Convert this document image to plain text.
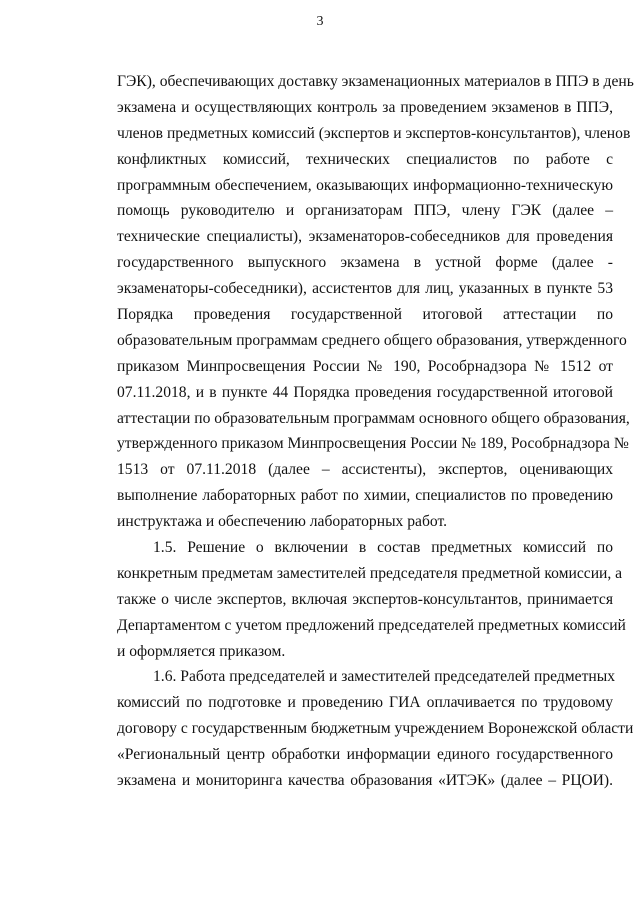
3
ГЭК), обеспечивающих доставку экзаменационных материалов в ППЭ в день
экзамена и осуществляющих контроль за проведением экзаменов в ППЭ,
членов предметных комиссий (экспертов и экспертов-консультантов), членов
конфликтных комиссий, технических специалистов по работе с
программным обеспечением, оказывающих информационно-техническую
помощь руководителю и организаторам ППЭ, члену ГЭК (далее –
технические специалисты), экзаменаторов-собеседников для проведения
государственного выпускного экзамена в устной форме (далее -
экзаменаторы-собеседники), ассистентов для лиц, указанных в пункте 53
Порядка проведения государственной итоговой аттестации по
образовательным программам среднего общего образования, утвержденного
приказом Минпросвещения России № 190, Рособрнадзора № 1512 от
07.11.2018, и в пункте 44 Порядка проведения государственной итоговой
аттестации по образовательным программам основного общего образования,
утвержденного приказом Минпросвещения России № 189, Рособрнадзора №
1513 от 07.11.2018 (далее – ассистенты), экспертов, оценивающих
выполнение лабораторных работ по химии, специалистов по проведению
инструктажа и обеспечению лабораторных работ.
1.5. Решение о включении в состав предметных комиссий по
конкретным предметам заместителей председателя предметной комиссии, а
также о числе экспертов, включая экспертов-консультантов, принимается
Департаментом с учетом предложений председателей предметных комиссий
и оформляется приказом.
1.6. Работа председателей и заместителей председателей предметных
комиссий по подготовке и проведению ГИА оплачивается по трудовому
договору с государственным бюджетным учреждением Воронежской области
«Региональный центр обработки информации единого государственного
экзамена и мониторинга качества образования «ИТЭК» (далее – РЦОИ).
